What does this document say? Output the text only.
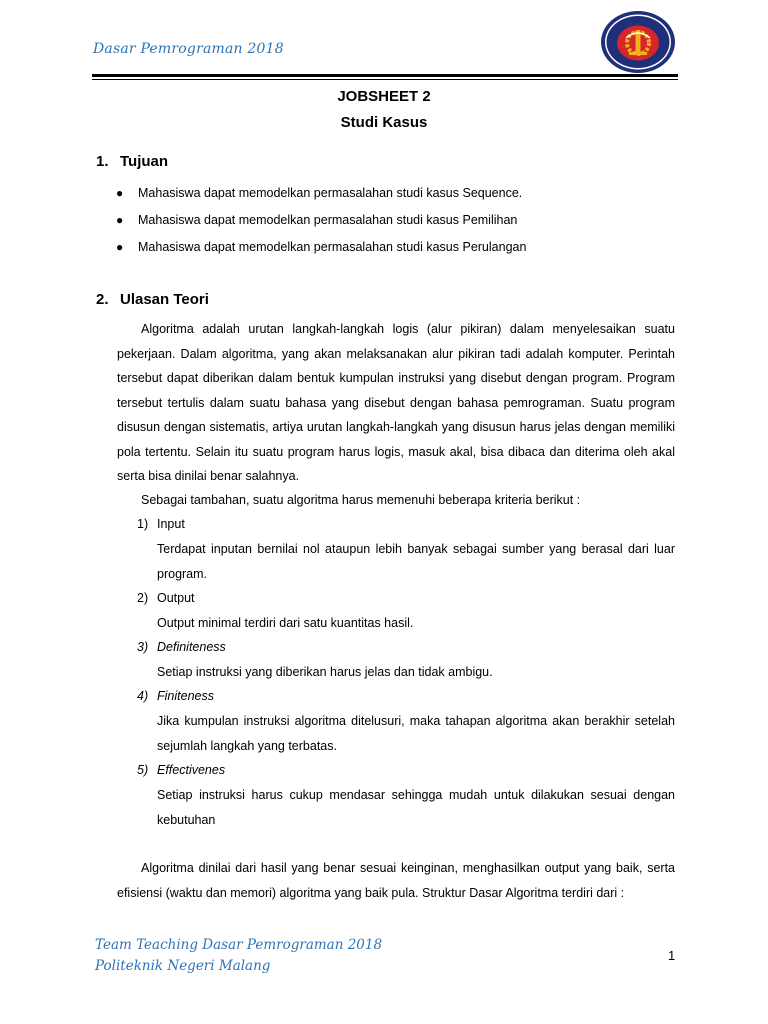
Dasar Pemrograman 2018
JOBSHEET 2
Studi Kasus
1. Tujuan
● Mahasiswa dapat memodelkan permasalahan studi kasus Sequence.
● Mahasiswa dapat memodelkan permasalahan studi kasus Pemilihan
● Mahasiswa dapat memodelkan permasalahan studi kasus Perulangan
2. Ulasan Teori

Algoritma adalah urutan langkah-langkah logis (alur pikiran) dalam menyelesaikan suatu pekerjaan. Dalam algoritma, yang akan melaksanakan alur pikiran tadi adalah komputer. Perintah tersebut dapat diberikan dalam bentuk kumpulan instruksi yang disebut dengan program. Program tersebut tertulis dalam suatu bahasa yang disebut dengan bahasa pemrograman. Suatu program disusun dengan sistematis, artiya urutan langkah-langkah yang disusun harus jelas dengan memiliki pola tertentu. Selain itu suatu program harus logis, masuk akal, bisa dibaca dan diterima oleh akal serta bisa dinilai benar salahnya.

Sebagai tambahan, suatu algoritma harus memenuhi beberapa kriteria berikut :

1) Input

Terdapat inputan bernilai nol ataupun lebih banyak sebagai sumber yang berasal dari luar program.

2) Output

Output minimal terdiri dari satu kuantitas hasil.

3) Definiteness

Setiap instruksi yang diberikan harus jelas dan tidak ambigu.

4) Finiteness

Jika kumpulan instruksi algoritma ditelusuri, maka tahapan algoritma akan berakhir setelah sejumlah langkah yang terbatas.

5) Effectivenes

Setiap instruksi harus cukup mendasar sehingga mudah untuk dilakukan sesuai dengan kebutuhan

Algoritma dinilai dari hasil yang benar sesuai keinginan, menghasilkan output yang baik, serta efisiensi (waktu dan memori) algoritma yang baik pula. Struktur Dasar Algoritma terdiri dari :

Team Teaching Dasar Pemrograman 2018
Politeknik Negeri Malang
1
